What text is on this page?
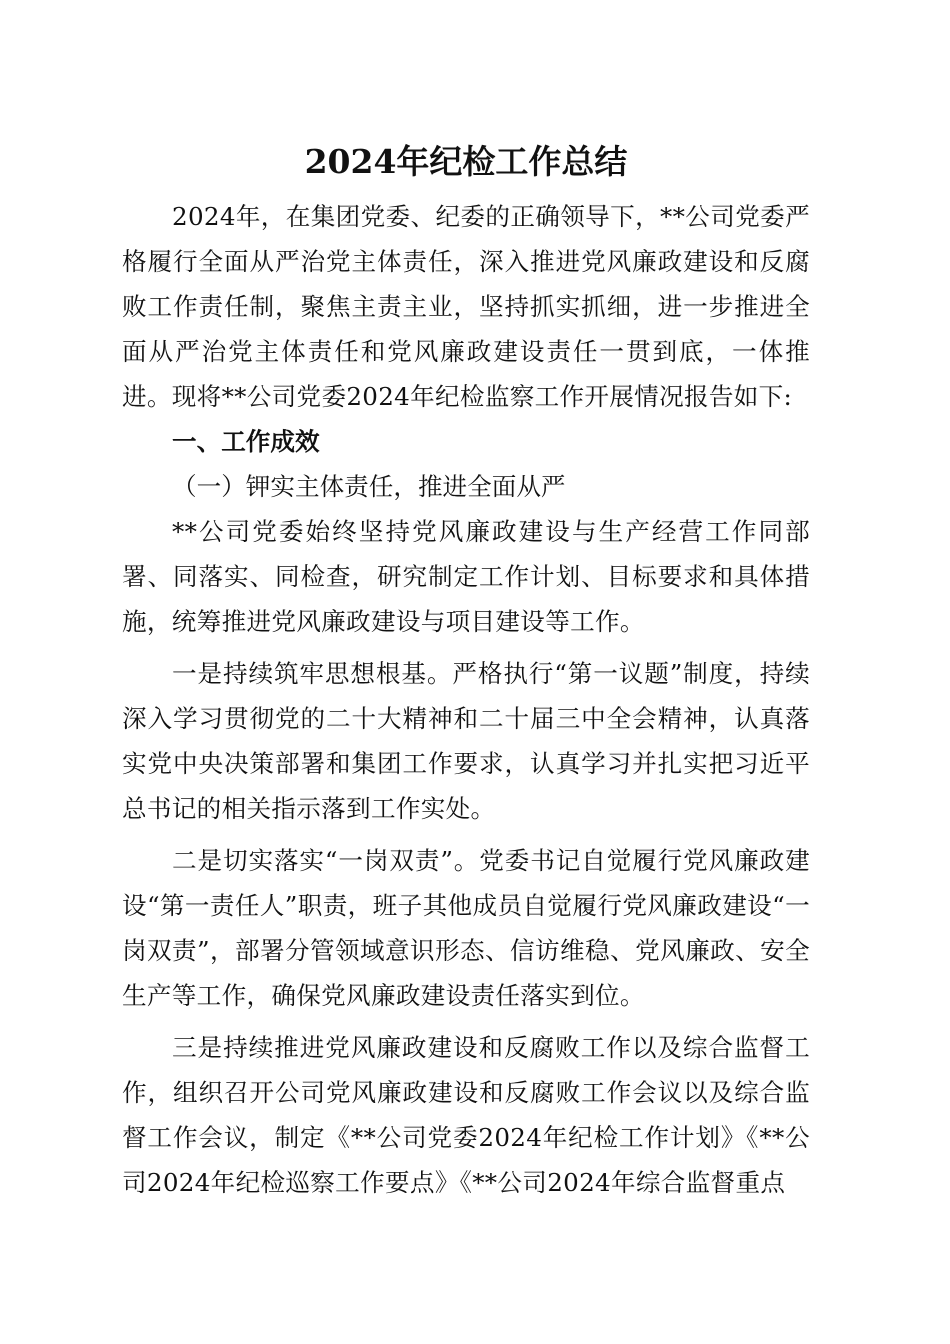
2024年纪检工作总结

2024年，在集团党委、纪委的正确领导下，**公司党委严格履行全面从严治党主体责任，深入推进党风廉政建设和反腐败工作责任制，聚焦主责主业，坚持抓实抓细，进一步推进全面从严治党主体责任和党风廉政建设责任一贯到底，一体推进。现将**公司党委2024年纪检监察工作开展情况报告如下:

一、工作成效

（一）钾实主体责任，推进全面从严

**公司党委始终坚持党风廉政建设与生产经营工作同部署、同落实、同检查，研究制定工作计划、目标要求和具体措施，统筹推进党风廉政建设与项目建设等工作。

一是持续筑牢思想根基。严格执行“第一议题”制度，持续深入学习贯彻党的二十大精神和二十届三中全会精神，认真落实党中央决策部署和集团工作要求，认真学习并扎实把习近平总书记的相关指示落到工作实处。

二是切实落实“一岗双责”。党委书记自觉履行党风廉政建设“第一责任人”职责，班子其他成员自觉履行党风廉政建设“一岗双责”，部署分管领域意识形态、信访维稳、党风廉政、安全生产等工作，确保党风廉政建设责任落实到位。

三是持续推进党风廉政建设和反腐败工作以及综合监督工作，组织召开公司党风廉政建设和反腐败工作会议以及综合监督工作会议，制定《**公司党委2024年纪检工作计划》《**公司2024年纪检巡察工作要点》《**公司2024年综合监督重点
